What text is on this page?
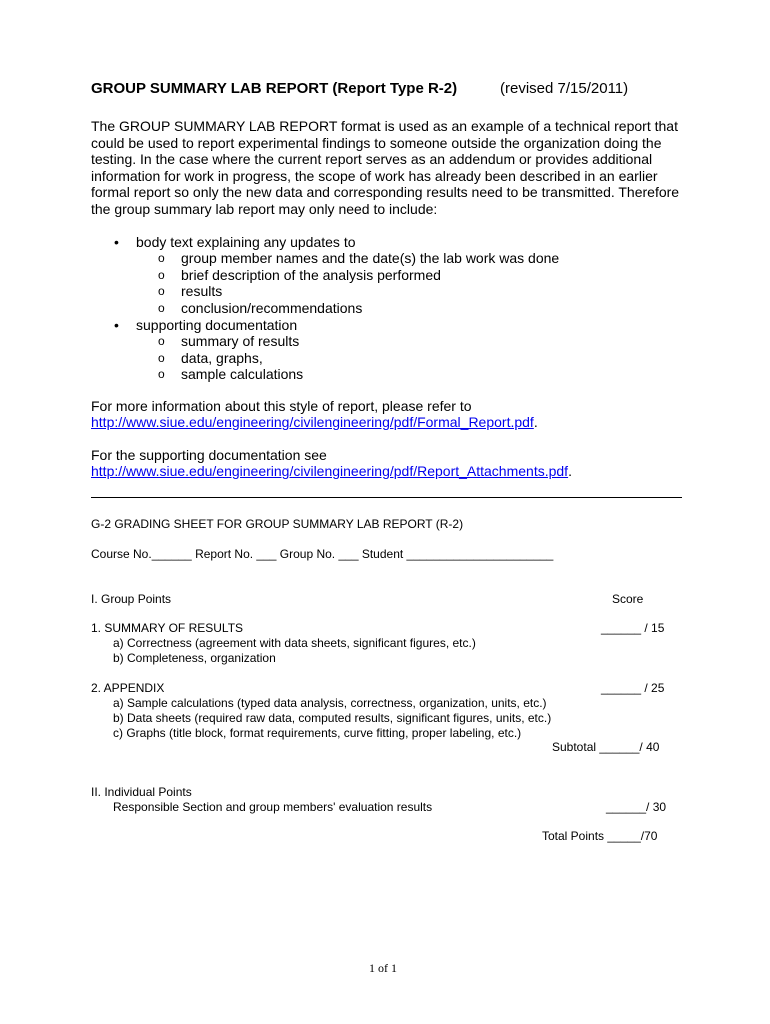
GROUP SUMMARY LAB REPORT (Report Type R-2)	(revised 7/15/2011)
The GROUP SUMMARY LAB REPORT format is used as an example of a technical report that
could be used to report experimental findings to someone outside the organization doing the
testing. In the case where the current report serves as an addendum or provides additional
information for work in progress, the scope of work has already been described in an earlier
formal report so only the new data and corresponding results need to be transmitted. Therefore
the group summary lab report may only need to include:
• body text explaining any updates to
o group member names and the date(s) the lab work was done
o brief description of the analysis performed
o results
o conclusion/recommendations
• supporting documentation
o summary of results
o data, graphs,
o sample calculations
For more information about this style of report, please refer to
http://www.siue.edu/engineering/civilengineering/pdf/Formal_Report.pdf.
For the supporting documentation see
http://www.siue.edu/engineering/civilengineering/pdf/Report_Attachments.pdf.
G-2 GRADING SHEET FOR GROUP SUMMARY LAB REPORT (R-2)
Course No.______ Report No. ___ Group No. ___ Student ______________________
I. Group Points	Score
1. SUMMARY OF RESULTS	______ / 15
a) Correctness (agreement with data sheets, significant figures, etc.)
b) Completeness, organization
2. APPENDIX	______ / 25
a) Sample calculations (typed data analysis, correctness, organization, units, etc.)
b) Data sheets (required raw data, computed results, significant figures, units, etc.)
c) Graphs (title block, format requirements, curve fitting, proper labeling, etc.)
Subtotal ______/ 40
II. Individual Points
Responsible Section and group members' evaluation results	______/ 30
Total Points _____/70
1 of 1
